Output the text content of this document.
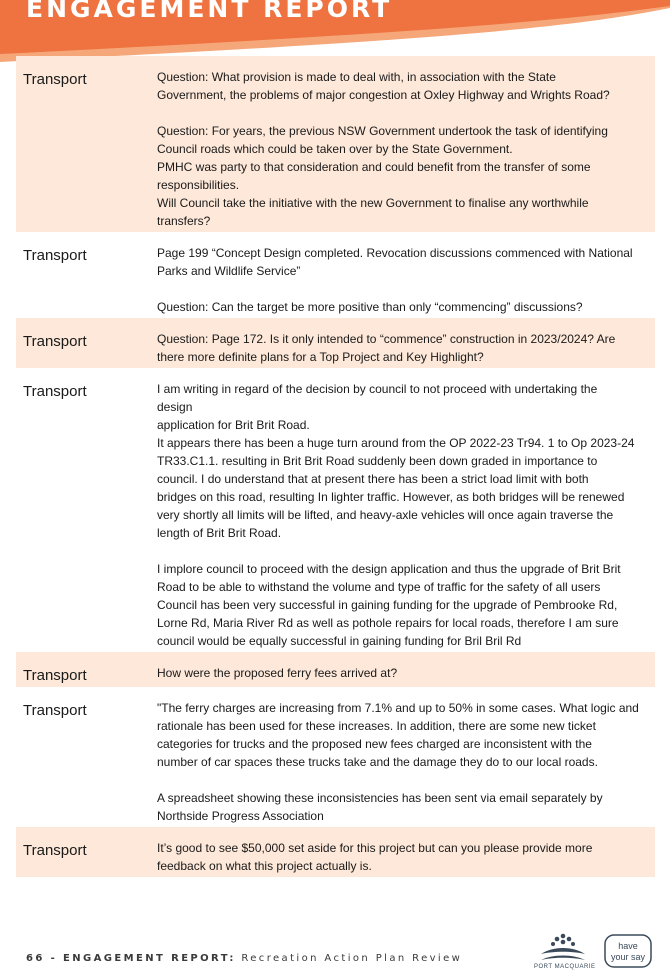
ENGAGEMENT REPORT
Transport	Question: What provision is made to deal with, in association with the State
Government, the problems of major congestion at Oxley Highway and Wrights Road?

Question: For years, the previous NSW Government undertook the task of identifying
Council roads which could be taken over by the State Government.
PMHC was party to that consideration and could benefit from the transfer of some
responsibilities.
Will Council take the initiative with the new Government to finalise any worthwhile
transfers?

Transport	Page 199 “Concept Design completed. Revocation discussions commenced with National
Parks and Wildlife Service”

Question: Can the target be more positive than only “commencing” discussions?

Transport	Question: Page 172. Is it only intended to “commence” construction in 2023/2024? Are
there more definite plans for a Top Project and Key Highlight?

Transport	I am writing in regard of the decision by council to not proceed with undertaking the
design
application for Brit Brit Road.
It appears there has been a huge turn around from the OP 2022-23 Tr94. 1 to Op 2023-24
TR33.C1.1. resulting in Brit Brit Road suddenly been down graded in importance to
council. I do understand that at present there has been a strict load limit with both
bridges on this road, resulting In lighter traffic. However, as both bridges will be renewed
very shortly all limits will be lifted, and heavy-axle vehicles will once again traverse the
length of Brit Brit Road.

I implore council to proceed with the design application and thus the upgrade of Brit Brit
Road to be able to withstand the volume and type of traffic for the safety of all users
Council has been very successful in gaining funding for the upgrade of Pembrooke Rd,
Lorne Rd, Maria River Rd as well as pothole repairs for local roads, therefore I am sure
council would be equally successful in gaining funding for Bril Bril Rd

Transport	How were the proposed ferry fees arrived at?

Transport	"The ferry charges are increasing from 7.1% and up to 50% in some cases. What logic and
rationale has been used for these increases. In addition, there are some new ticket
categories for trucks and the proposed new fees charged are inconsistent with the
number of car spaces these trucks take and the damage they do to our local roads.

A spreadsheet showing these inconsistencies has been sent via email separately by
Northside Progress Association

Transport	It’s good to see $50,000 set aside for this project but can you please provide more
feedback on what this project actually is.

66 - ENGAGEMENT REPORT: Recreation Action Plan Review
PORT MACQUARIE
have
your say
